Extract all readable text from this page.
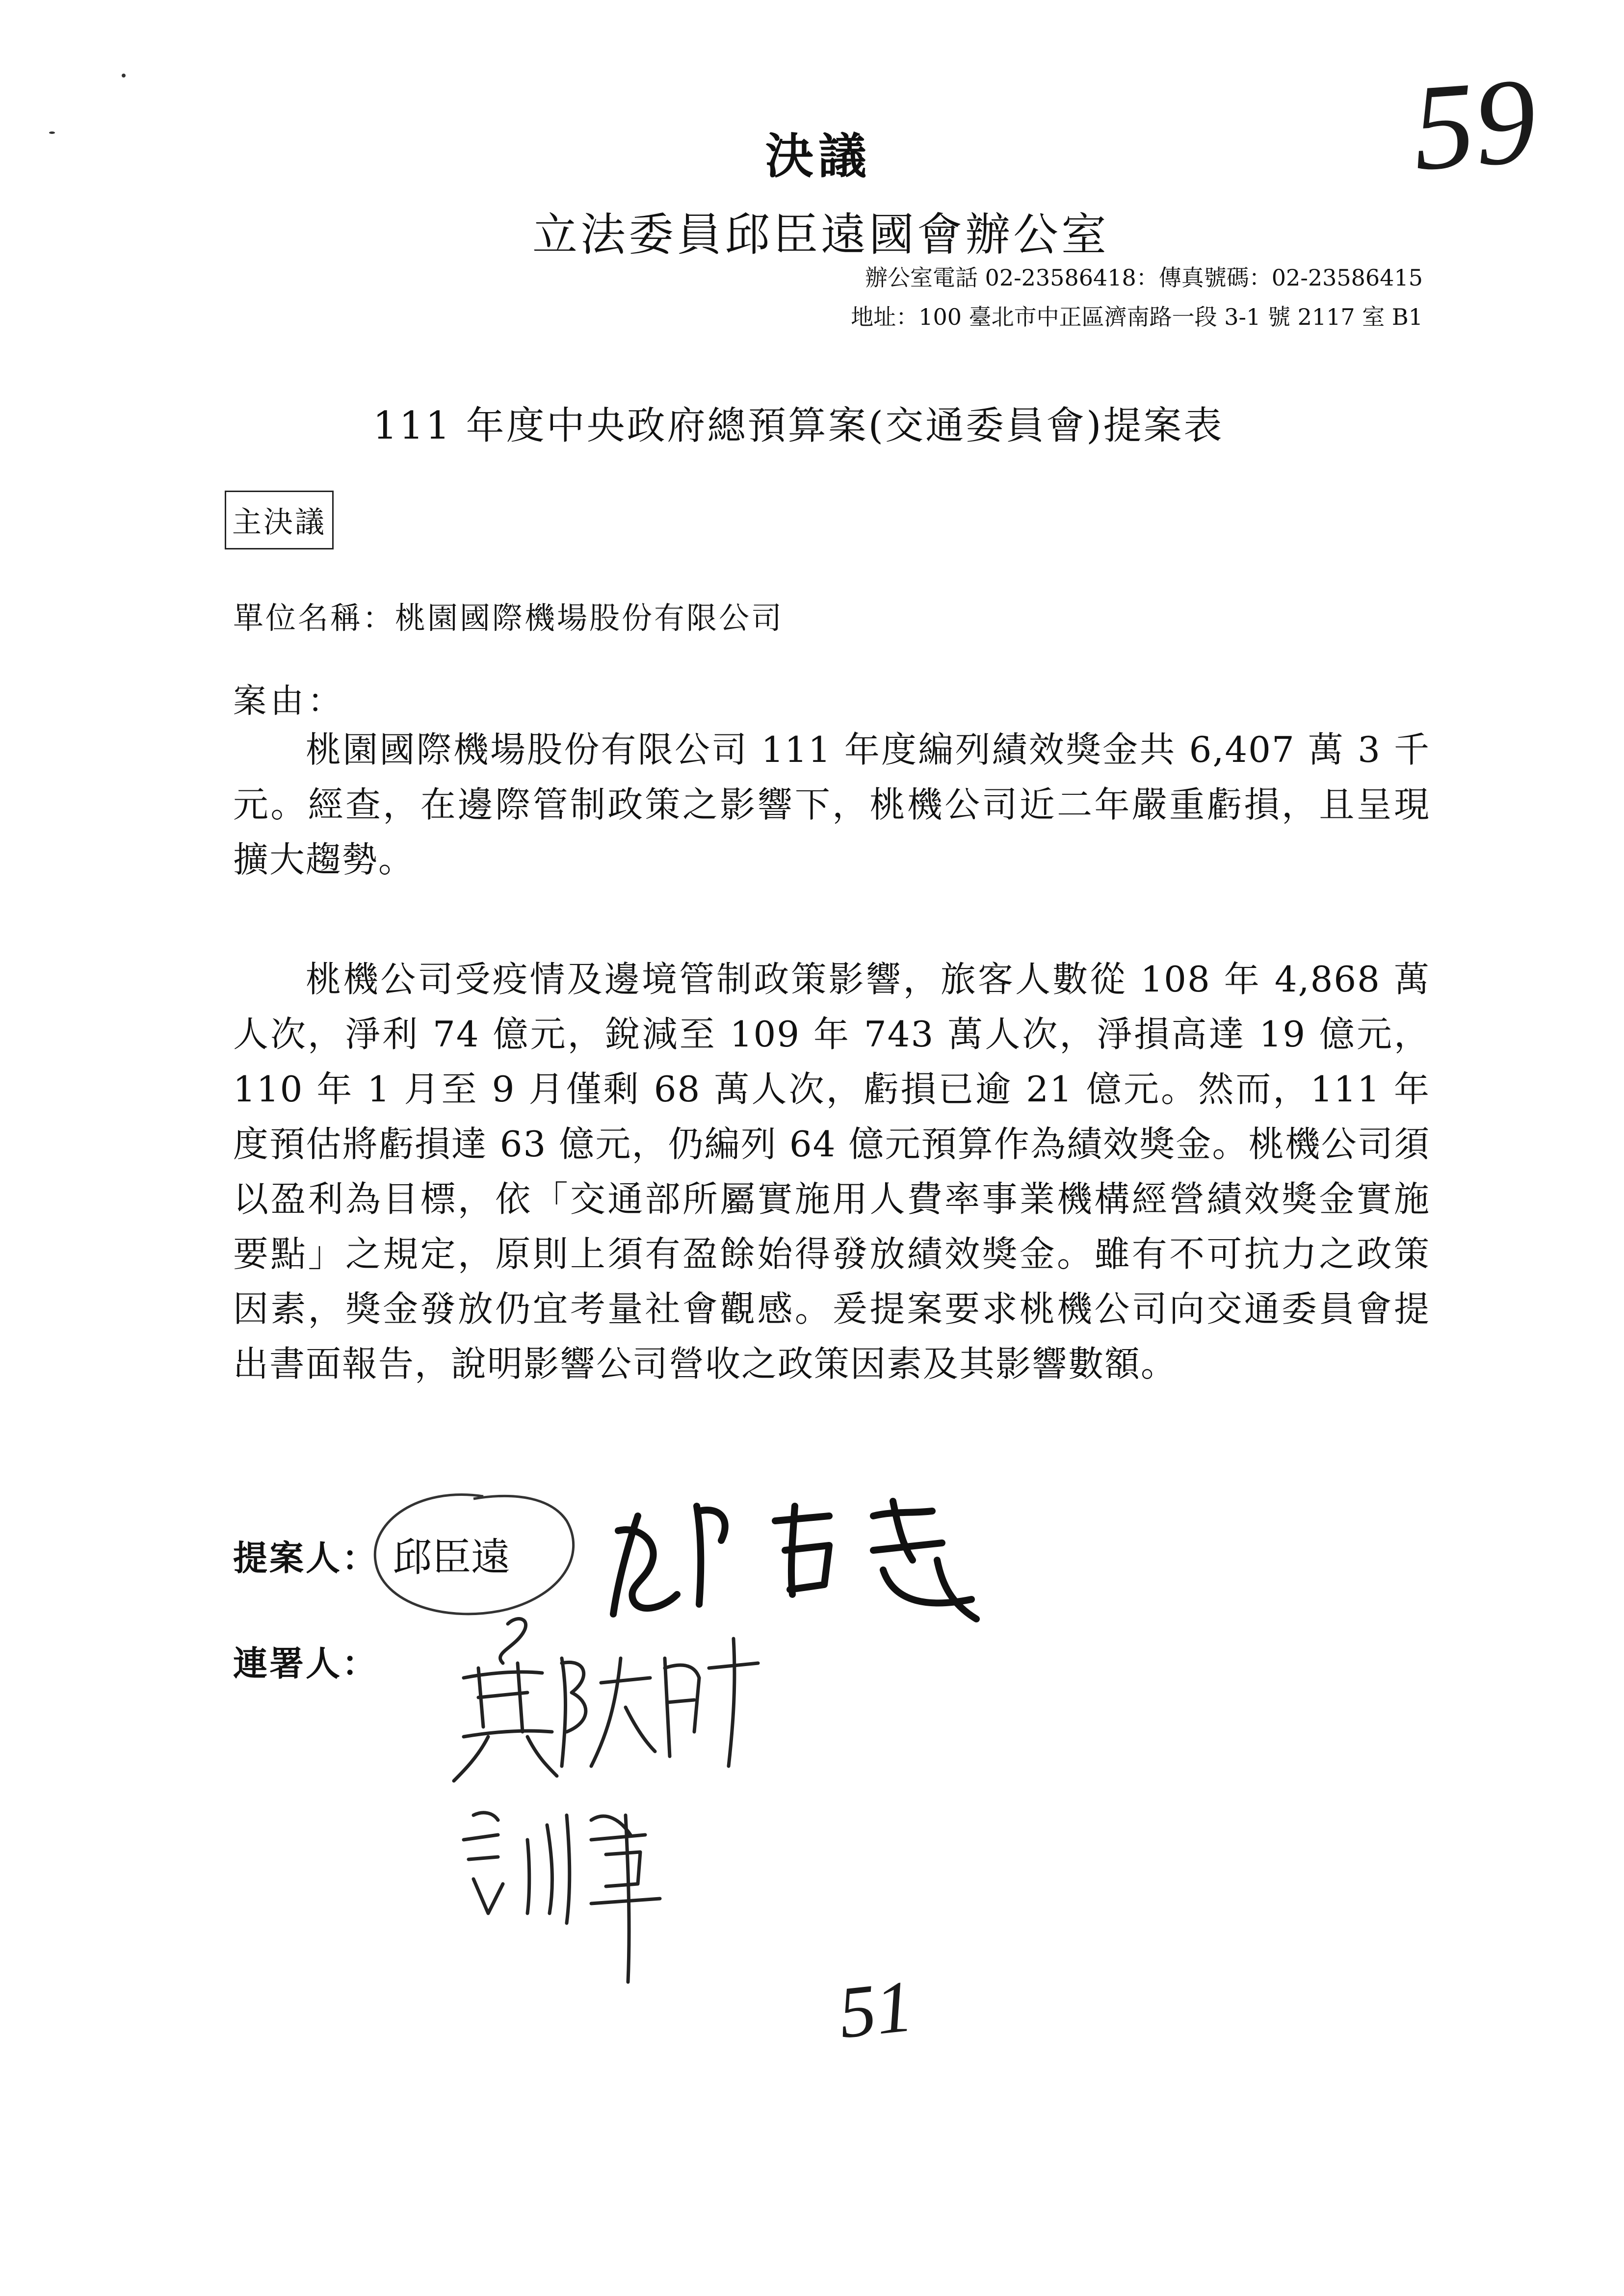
決議	59
立法委員邱臣遠國會辦公室
辦公室電話 02-23586418：傳真號碼：02-23586415
地址：100 臺北市中正區濟南路一段 3-1 號 2117 室 B1
111 年度中央政府總預算案(交通委員會)提案表
主決議
單位名稱：桃園國際機場股份有限公司
案由：

桃園國際機場股份有限公司 111 年度編列績效獎金共 6,407 萬 3 千元。經查，在邊際管制政策之影響下，桃機公司近二年嚴重虧損，且呈現擴大趨勢。

桃機公司受疫情及邊境管制政策影響，旅客人數從 108 年 4,868 萬人次，淨利 74 億元，銳減至 109 年 743 萬人次，淨損高達 19 億元，110 年 1 月至 9 月僅剩 68 萬人次，虧損已逾 21 億元。然而，111 年度預估將虧損達 63 億元，仍編列 64 億元預算作為績效獎金。桃機公司須以盈利為目標，依「交通部所屬實施用人費率事業機構經營績效獎金實施要點」之規定，原則上須有盈餘始得發放績效獎金。雖有不可抗力之政策因素，獎金發放仍宜考量社會觀感。爰提案要求桃機公司向交通委員會提出書面報告，說明影響公司營收之政策因素及其影響數額。

提案人： 邱臣遠
連署人：
51
